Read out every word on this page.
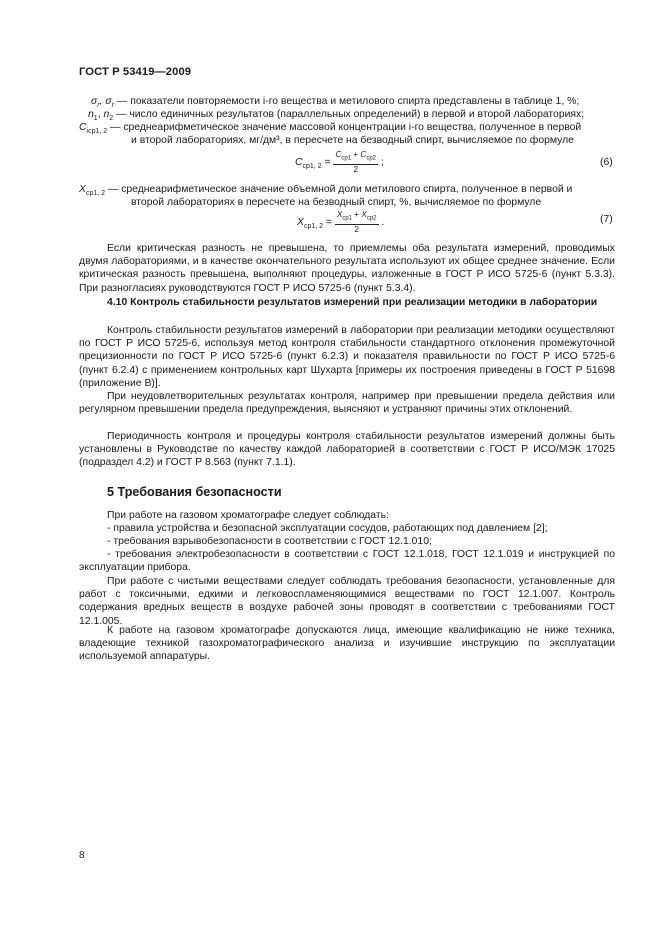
ГОСТ Р 53419—2009
$\sigma_r$, $\sigma_r$ — показатели повторяемости i-го вещества и метилового спирта представлены в таблице 1, %;
$n_1$, $n_2$ — число единичных результатов (параллельных определений) в первой и второй лабораториях;
$C_{iср1, 2}$ — среднеарифметическое значение массовой концентрации i-го вещества, полученное в первой
и второй лабораториях, мг/дм³, в пересчете на безводный спирт, вычисляемое по формуле
$C_{ср1, 2} = \frac{C_{ср1} + C_{ср2}}{2}$ ;	(6)
$X_{ср1, 2}$ — среднеарифметическое значение объемной доли метилового спирта, полученное в первой и
второй лабораториях в пересчете на безводный спирт, %, вычисляемое по формуле
$X_{ср1, 2} = \frac{X_{ср1} + X_{ср2}}{2}$ .	(7)
Если критическая разность не превышена, то приемлемы оба результата измерений, проводимых двумя лабораториями, и в качестве окончательного результата используют их общее среднее значение. Если критическая разность превышена, выполняют процедуры, изложенные в ГОСТ Р ИСО 5725-6 (пункт 5.3.3). При разногласиях руководствуются ГОСТ Р ИСО 5725-6 (пункт 5.3.4).
4.10 Контроль стабильности результатов измерений при реализации методики в лаборатории
Контроль стабильности результатов измерений в лаборатории при реализации методики осуществляют по ГОСТ Р ИСО 5725-6, используя метод контроля стабильности стандартного отклонения промежуточной прецизионности по ГОСТ Р ИСО 5725-6 (пункт 6.2.3) и показателя правильности по ГОСТ Р ИСО 5725-6 (пункт 6.2.4) с применением контрольных карт Шухарта [примеры их построения приведены в ГОСТ Р 51698 (приложение В)].
При неудовлетворительных результатах контроля, например при превышении предела действия или регулярном превышении предела предупреждения, выясняют и устраняют причины этих отклонений.
Периодичность контроля и процедуры контроля стабильности результатов измерений должны быть установлены в Руководстве по качеству каждой лабораторией в соответствии с ГОСТ Р ИСО/МЭК 17025 (подраздел 4.2) и ГОСТ Р 8.563 (пункт 7.1.1).
5 Требования безопасности
При работе на газовом хроматографе следует соблюдать:
- правила устройства и безопасной эксплуатации сосудов, работающих под давлением [2];
- требования взрывобезопасности в соответствии с ГОСТ 12.1.010;
- требования электробезопасности в соответствии с ГОСТ 12.1.018, ГОСТ 12.1.019 и инструкцией по эксплуатации прибора.
При работе с чистыми веществами следует соблюдать требования безопасности, установленные для работ с токсичными, едкими и легковоспламеняющимися веществами по ГОСТ 12.1.007. Контроль содержания вредных веществ в воздухе рабочей зоны проводят в соответствии с требованиями ГОСТ 12.1.005.
К работе на газовом хроматографе допускаются лица, имеющие квалификацию не ниже техника, владеющие техникой газохроматографического анализа и изучившие инструкцию по эксплуатации используемой аппаратуры.
8
